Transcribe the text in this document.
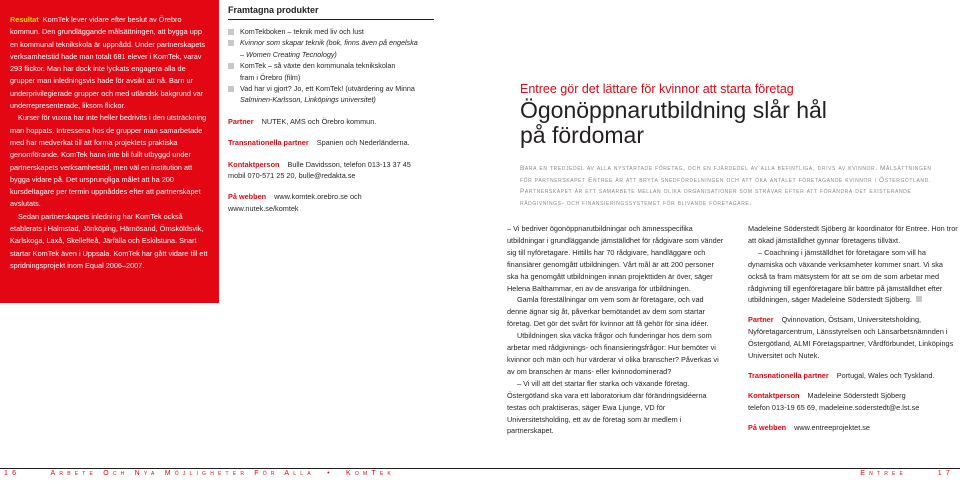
Resultat KomTek lever vidare efter beslut av Örebro kommun. Den grundläggande målsättningen, att bygga upp en kommunal teknikskola är uppnådd. Under partnerskapets verksamhetstid hade man totalt 681 elever i KomTek, varav 293 flickor. Man har dock inte lyckats engagera alla de grupper man inledningsvis hade för avsikt att nå. Barn ur underprivilegierade grupper och med utländsk bakgrund var underrepresenterade, liksom flickor.

Kurser för vuxna har inte heller bedrivits i den utsträckning man hoppats. Intressena hos de grupper man samarbetade med har medverkat till att forma projektets praktiska genomförande. KomTek hann inte bli fullt utbyggd under partnerskapets verksamhetstid, men väl en institution att bygga vidare på. Det ursprungliga målet att ha 200 kursdeltagare per termin uppnåddes efter att partnerskapet avslutats.

Sedan partnerskapets inledning har KomTek också etablerats i Halmstad, Jönköping, Härnösand, Örnsköldsvik, Karlskoga, Laxå, Skellefteå, Järfälla och Eskilstuna. Snart startar KomTek även i Uppsala. KomTek har gått vidare till ett spridningsprojekt inom Equal 2006–2007.

Framtagna produkter
KomTekboken – teknik med liv och lust
Kvinnor som skapar teknik (bok, finns även på engelska
– Women Creating Tecnology)
KomTek – så växte den kommunala teknikskolan
fram i Örebro (film)
Vad har vi gjort? Jo, ett KomTek! (utvärdering av Minna
Salminen-Karlsson, Linköpings universitet)
Partner NUTEK, AMS och Örebro kommun.
Transnationella partner Spanien och Nederländerna.
Kontaktperson Bulle Davidsson, telefon 013-13 37 45
mobil 070-571 25 20, bulle@redakta.se
På webben www.komtek.orebro.se och www.nutek.se/komtek
Entree gör det lättare för kvinnor att starta företag
Ögonöppnarutbildning slår hål
på fördomar
Bara en tredjedel av alla nystartade företag, och en fjärdedel av alla befintliga, drivs av kvinnor. Målsättningen för partnerskapet Entree är att bryta snedfördelningen och att öka antalet företagande kvinnor i Östergötland. Partnerskapet är ett samarbete mellan olika organisationer som strävar efter att förändra det existerande rådgivnings- och finansieringssystemet för blivande företagare.

– Vi bedriver ögonöppnarutbildningar och ämnesspecifika utbildningar i grundläggande jämställdhet för rådgivare som vänder sig till nyföretagare. Hittills har 70 rådgivare, handläggare och finansiärer genomgått utbildningen. Vårt mål är att 200 personer ska ha genomgått utbildningen innan projekttiden är över, säger Helena Balthammar, en av de ansvariga för utbildningen.

Gamla föreställningar om vem som är företagare, och vad denne ägnar sig åt, påverkar bemötandet av dem som startar företag. Det gör det svårt för kvinnor att få gehör för sina idéer.

Utbildningen ska väcka frågor och funderingar hos dem som arbetar med rådgivnings- och finansieringsfrågor: Hur bemöter vi kvinnor och män och hur värderar vi olika branscher? Påverkas vi av om branschen är mans- eller kvinnodominerad?

– Vi vill att det startar fler starka och växande företag. Östergötland ska vara ett laboratorium där förändringsidéerna testas och praktiseras, säger Ewa Ljunge, VD för Universitetsholding, ett av de företag som är medlem i partnerskapet.

Madeleine Söderstedt Sjöberg är koordinator för Entree. Hon tror att ökad jämställdhet gynnar företagens tillväxt.

– Coachning i jämställdhet för företagare som vill ha dynamiska och växande verksamheter kommer snart. Vi ska också ta fram mätsystem för att se om de som arbetar med rådgivning till egenföretagare blir bättre på jämställdhet efter utbildningen, säger Madeleine Söderstedt Sjöberg.

Partner Qvinnovation, Östsam, Universitetsholding, Nyföretagarcentrum, Länsstyrelsen och Länsarbetsnämnden i Östergötland, ALMI Företagspartner, Vårdförbundet, Linköpings Universitet och Nutek.

Transnationella partner Portugal, Wales och Tyskland.

Kontaktperson Madeleine Söderstedt Sjöberg
telefon 013-19 65 69, madeleine.soderstedt@e.lst.se

På webben www.entreeprojektet.se

16     Arbete Och Nya Möjligheter För Alla  •  KomTek	Entree     17
